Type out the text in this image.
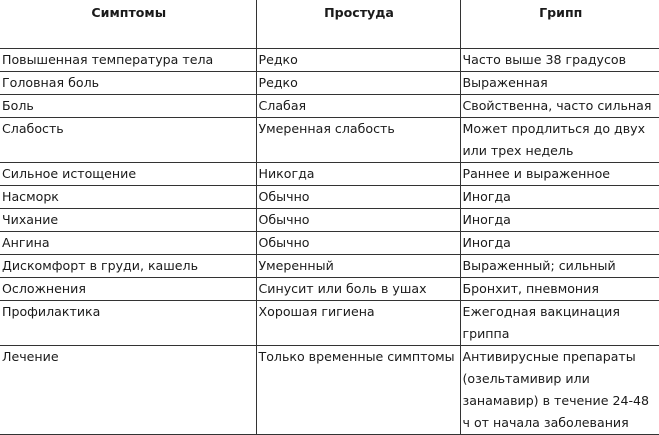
Симптомы	Простуда	Грипп
Повышенная температура тела	Редко	Часто выше 38 градусов
Головная боль	Редко	Выраженная
Боль	Слабая	Свойственна, часто сильная
Слабость	Умеренная слабость	Может продлиться до двух или трех недель
Сильное истощение	Никогда	Раннее и выраженное
Насморк	Обычно	Иногда
Чихание	Обычно	Иногда
Ангина	Обычно	Иногда
Дискомфорт в груди, кашель	Умеренный	Выраженный; сильный
Осложнения	Синусит или боль в ушах	Бронхит, пневмония
Профилактика	Хорошая гигиена	Ежегодная вакцинация гриппа
Лечение	Только временные симптомы	Антивирусные препараты (озельтамивир или занамавир) в течение 24-48 ч от начала заболевания
